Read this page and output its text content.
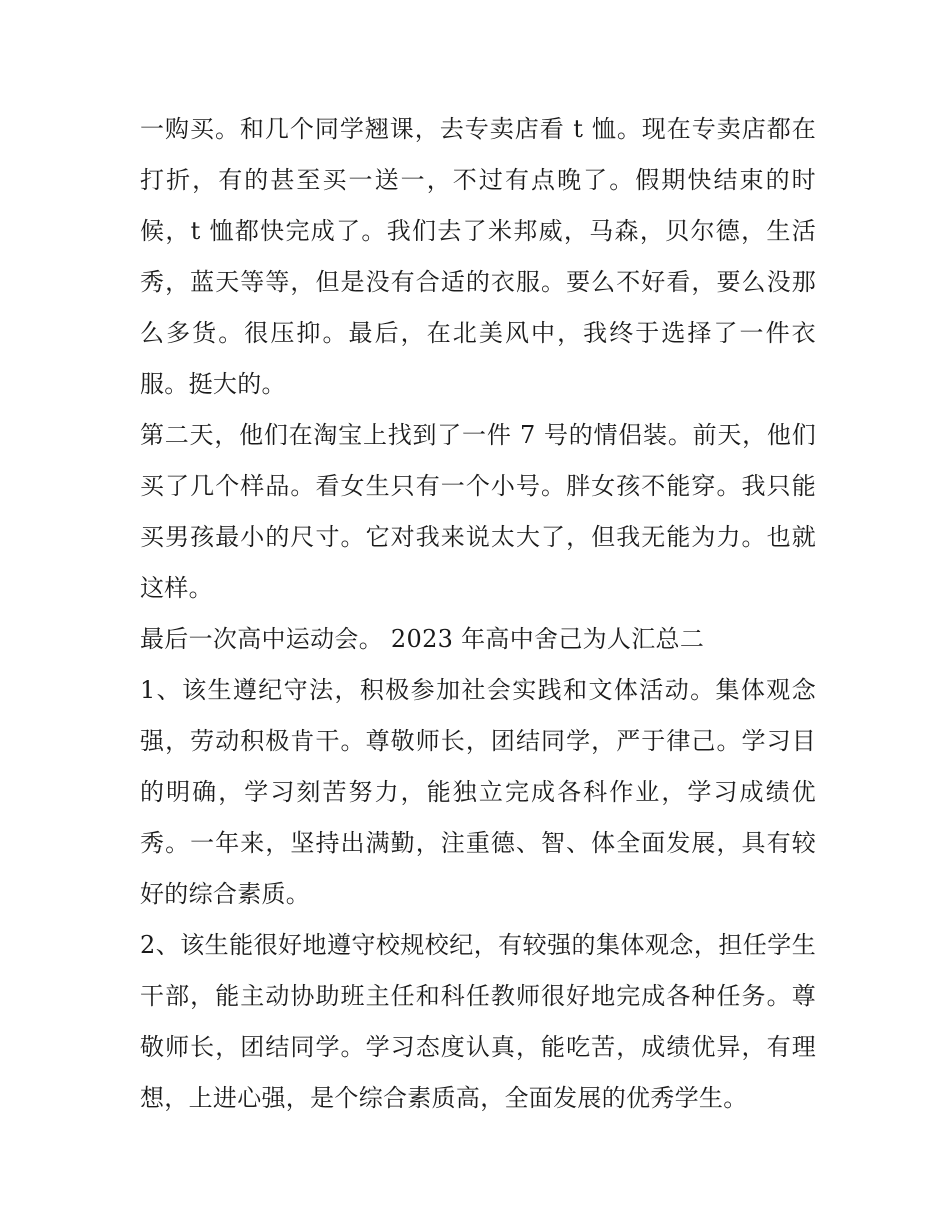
一购买。和几个同学翘课，去专卖店看 t 恤。现在专卖店都在打折，有的甚至买一送一，不过有点晚了。假期快结束的时候，t 恤都快完成了。我们去了米邦威，马森，贝尔德，生活秀，蓝天等等，但是没有合适的衣服。要么不好看，要么没那么多货。很压抑。最后，在北美风中，我终于选择了一件衣服。挺大的。

第二天，他们在淘宝上找到了一件 7 号的情侣装。前天，他们买了几个样品。看女生只有一个小号。胖女孩不能穿。我只能买男孩最小的尺寸。它对我来说太大了，但我无能为力。也就这样。

最后一次高中运动会。 2023 年高中舍己为人汇总二

1、该生遵纪守法，积极参加社会实践和文体活动。集体观念强，劳动积极肯干。尊敬师长，团结同学，严于律己。学习目的明确，学习刻苦努力，能独立完成各科作业，学习成绩优秀。一年来，坚持出满勤，注重德、智、体全面发展，具有较好的综合素质。

2、该生能很好地遵守校规校纪，有较强的集体观念，担任学生干部，能主动协助班主任和科任教师很好地完成各种任务。尊敬师长，团结同学。学习态度认真，能吃苦，成绩优异，有理想，上进心强，是个综合素质高，全面发展的优秀学生。
